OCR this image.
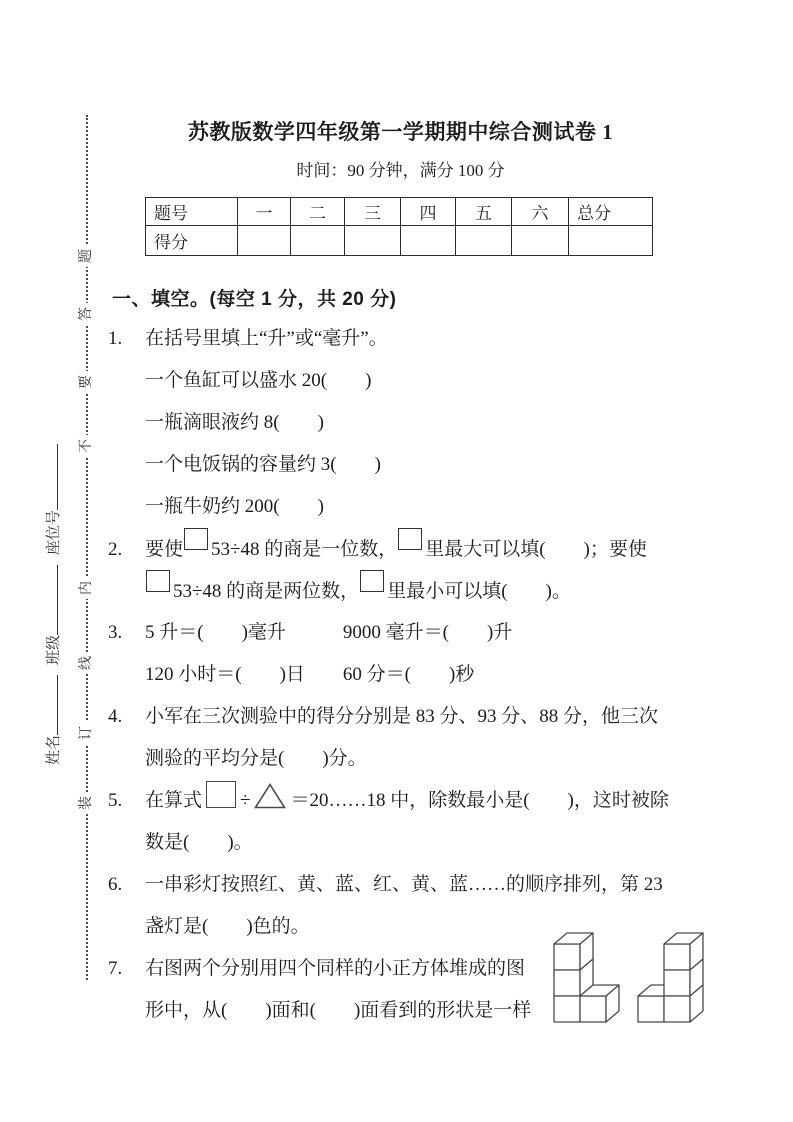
题
答
要
不
内
线
订
装
姓名班级座位号
苏教版数学四年级第一学期期中综合测试卷 1
时间：90 分钟，满分 100 分
题号	一	二	三	四	五	六	总分
得分							
一、填空。(每空 1 分，共 20 分)
1. 在括号里填上“升”或“毫升”。
一个鱼缸可以盛水 20(　　)
一瓶滴眼液约 8(　　)
一个电饭锅的容量约 3(　　)
一瓶牛奶约 200(　　)
2. 要使 53÷48 的商是一位数， 里最大可以填(　　)；要使
53÷48 的商是两位数， 里最小可以填(　　)。
3. 5 升＝(　　)毫升　　　9000 毫升＝(　　)升
120 小时＝(　　)日　　60 分＝(　　)秒
4. 小军在三次测验中的得分分别是 83 分、93 分、88 分，他三次
测验的平均分是(　　)分。
5. 在算式 ÷ ＝20……18 中，除数最小是(　　)，这时被除
数是(　　)。
6. 一串彩灯按照红、黄、蓝、红、黄、蓝……的顺序排列，第 23
盏灯是(　　)色的。
7. 右图两个分别用四个同样的小正方体堆成的图
形中，从(　　)面和(　　)面看到的形状是一样
